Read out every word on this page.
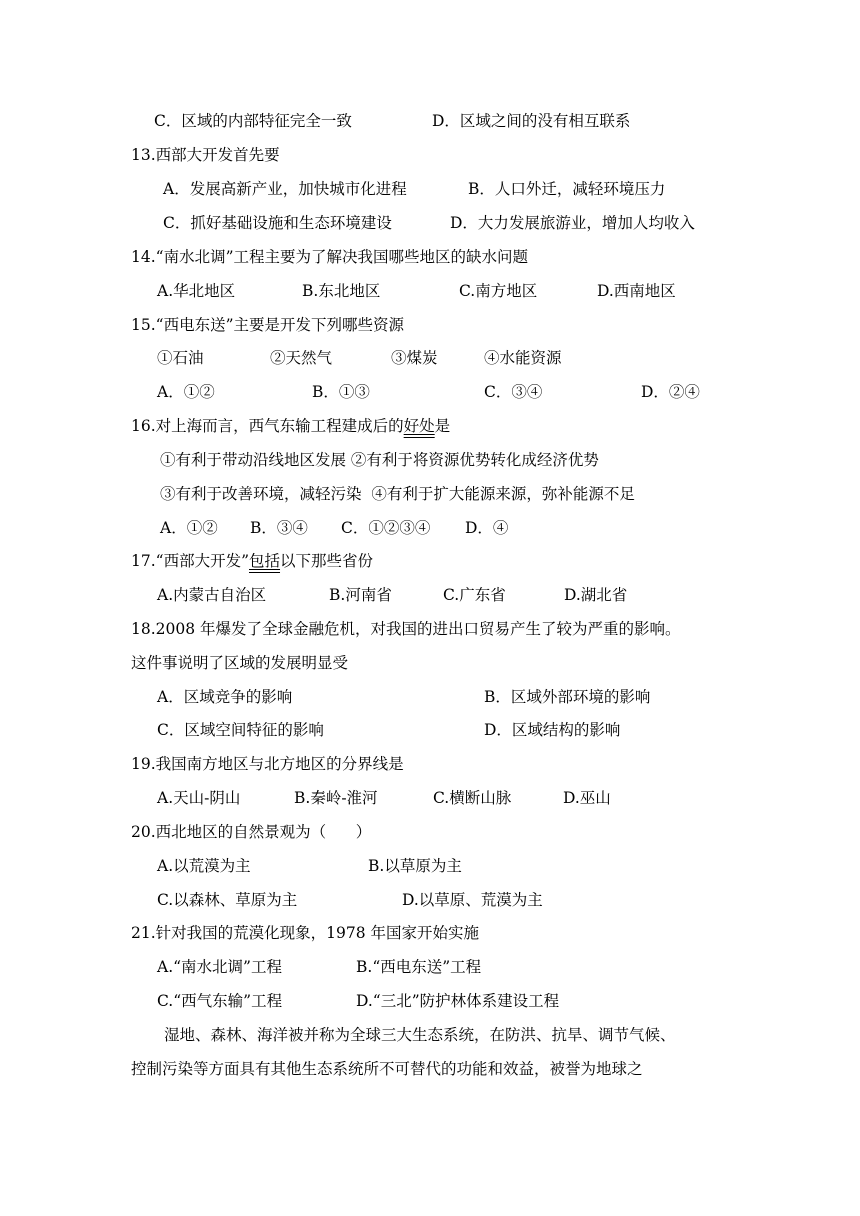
C．区域的内部特征完全一致	D．区域之间的没有相互联系
13.西部大开发首先要
A．发展高新产业，加快城市化进程	B．人口外迁，减轻环境压力
C．抓好基础设施和生态环境建设	D．大力发展旅游业，增加人均收入
14.“南水北调”工程主要为了解决我国哪些地区的缺水问题
A.华北地区	B.东北地区	C.南方地区	D.西南地区
15.“西电东送”主要是开发下列哪些资源
①石油	②天然气	③煤炭	④水能资源
A．①②	B．①③	C．③④	D．②④
16.对上海而言，西气东输工程建成后的好处是
①有利于带动沿线地区发展 ②有利于将资源优势转化成经济优势
③有利于改善环境，减轻污染  ④有利于扩大能源来源，弥补能源不足
A．①② B．③④ C．①②③④ D．④
17.“西部大开发”包括以下那些省份
A.内蒙古自治区	B.河南省	C.广东省	D.湖北省
18.2008 年爆发了全球金融危机，对我国的进出口贸易产生了较为严重的影响。
这件事说明了区域的发展明显受
A．区域竞争的影响	B．区域外部环境的影响
C．区域空间特征的影响	D．区域结构的影响
19.我国南方地区与北方地区的分界线是
A.天山-阴山	B.秦岭-淮河	C.横断山脉	D.巫山
20.西北地区的自然景观为（      ）
A.以荒漠为主	B.以草原为主
C.以森林、草原为主	D.以草原、荒漠为主
21.针对我国的荒漠化现象，1978 年国家开始实施
A.“南水北调”工程	B.“西电东送”工程
C.“西气东输”工程	D.“三北”防护林体系建设工程
湿地、森林、海洋被并称为全球三大生态系统，在防洪、抗旱、调节气候、
控制污染等方面具有其他生态系统所不可替代的功能和效益，被誉为地球之
